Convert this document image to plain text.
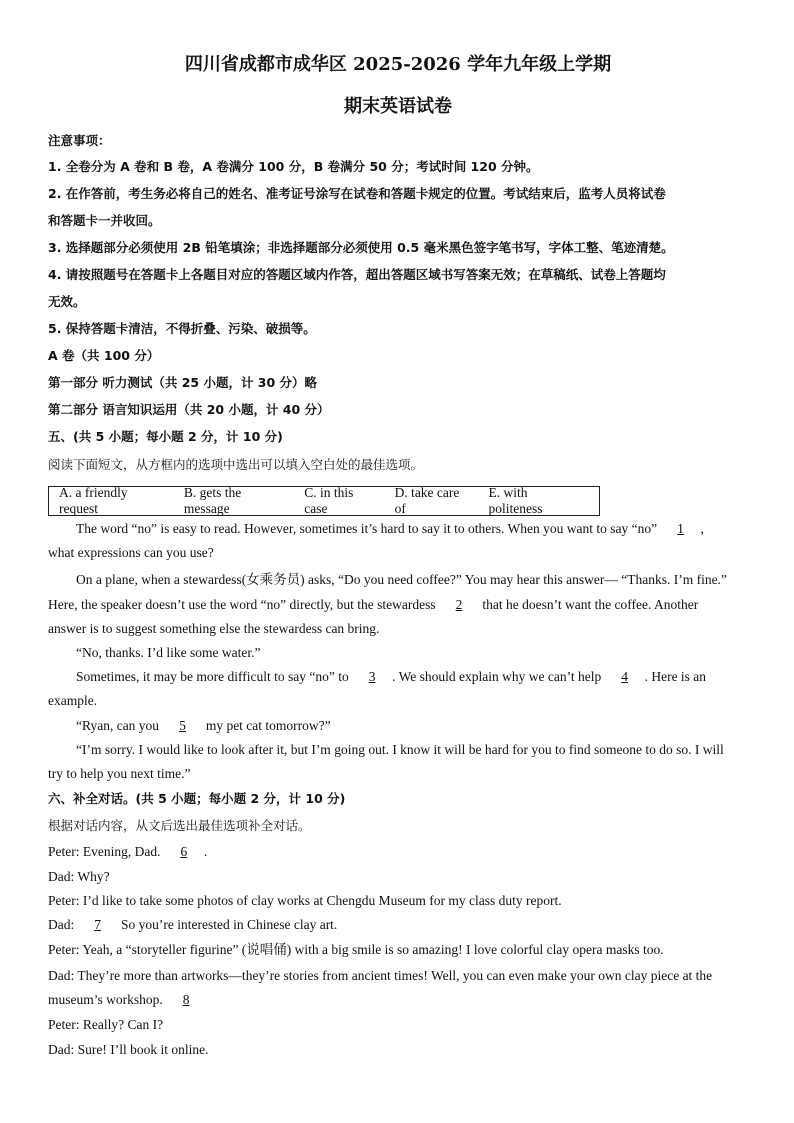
四川省成都市成华区 2025-2026 学年九年级上学期
期末英语试卷
注意事项：
1. 全卷分为 A 卷和 B 卷，A 卷满分 100 分，B 卷满分 50 分；考试时间 120 分钟。
2. 在作答前，考生务必将自己的姓名、准考证号涂写在试卷和答题卡规定的位置。考试结束后，监考人员将试卷
和答题卡一并收回。
3. 选择题部分必须使用 2B 铅笔填涂；非选择题部分必须使用 0.5 毫米黑色签字笔书写，字体工整、笔迹清楚。
4. 请按照题号在答题卡上各题目对应的答题区域内作答，超出答题区域书写答案无效；在草稿纸、试卷上答题均
无效。
5. 保持答题卡清洁，不得折叠、污染、破损等。
A 卷（共 100 分）
第一部分 听力测试（共 25 小题，计 30 分）略
第二部分 语言知识运用（共 20 小题，计 40 分）
五、(共 5 小题；每小题 2 分，计 10 分)
阅读下面短文，从方框内的选项中选出可以填入空白处的最佳选项。
A. a friendly request
B. gets the message
C. in this case
D. take care of
E. with politeness
The word “no” is easy to read. However, sometimes it’s hard to say it to others. When you want to say “no” 1 ,
what expressions can you use?
On a plane, when a stewardess(女乘务员) asks, “Do you need coffee?” You may hear this answer— “Thanks. I’m fine.”
Here, the speaker doesn’t use the word “no” directly, but the stewardess 2 that he doesn’t want the coffee. Another
answer is to suggest something else the stewardess can bring.
“No, thanks. I’d like some water.”
Sometimes, it may be more difficult to say “no” to 3 . We should explain why we can’t help 4 . Here is an
example.
“Ryan, can you 5 my pet cat tomorrow?”
“I’m sorry. I would like to look after it, but I’m going out. I know it will be hard for you to find someone to do so. I will
try to help you next time.”
六、补全对话。(共 5 小题；每小题 2 分，计 10 分)
根据对话内容，从文后选出最佳选项补全对话。
Peter: Evening, Dad. 6 .
Dad: Why?
Peter: I’d like to take some photos of clay works at Chengdu Museum for my class duty report.
Dad: 7 So you’re interested in Chinese clay art.
Peter: Yeah, a “storyteller figurine” (说唱俑) with a big smile is so amazing! I love colorful clay opera masks too.
Dad: They’re more than artworks—they’re stories from ancient times! Well, you can even make your own clay piece at the
museum’s workshop. 8
Peter: Really? Can I?
Dad: Sure! I’ll book it online.
